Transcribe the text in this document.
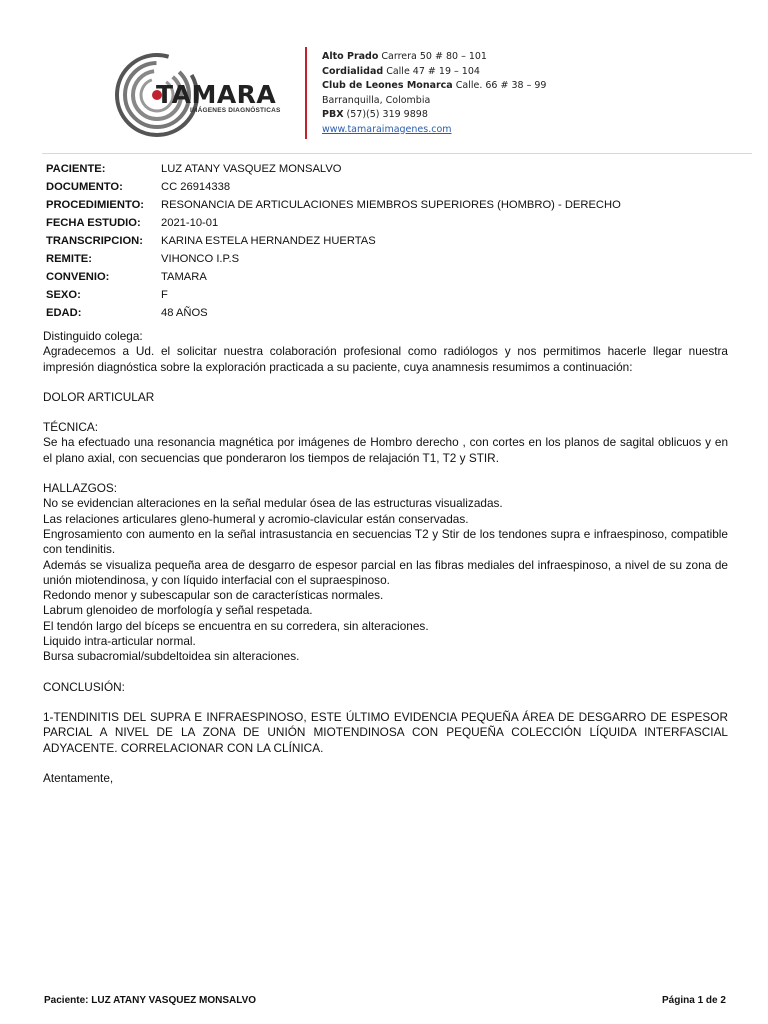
TAMARA
IMÁGENES DIAGNÓSTICAS
Alto Prado Carrera 50 # 80 – 101
Cordialidad Calle 47 # 19 – 104
Club de Leones Monarca Calle. 66 # 38 – 99
Barranquilla, Colombia
PBX (57)(5) 319 9898
www.tamaraimagenes.com
PACIENTE:	LUZ ATANY VASQUEZ MONSALVO
DOCUMENTO:	CC 26914338
PROCEDIMIENTO:	RESONANCIA DE ARTICULACIONES MIEMBROS SUPERIORES (HOMBRO) - DERECHO
FECHA ESTUDIO:	2021-10-01
TRANSCRIPCION:	KARINA ESTELA HERNANDEZ HUERTAS
REMITE:	VIHONCO I.P.S
CONVENIO:	TAMARA
SEXO:	F
EDAD:	48 AÑOS

Distinguido colega:

Agradecemos a Ud. el solicitar nuestra colaboración profesional como radiólogos y nos permitimos hacerle llegar nuestra impresión diagnóstica sobre la exploración practicada a su paciente, cuya anamnesis resumimos a continuación:

DOLOR ARTICULAR

TÉCNICA:

Se ha efectuado una resonancia magnética por imágenes de Hombro derecho , con cortes en los planos de sagital oblicuos y en el plano axial, con secuencias que ponderaron los tiempos de relajación T1, T2 y STIR.

HALLAZGOS:

No se evidencian alteraciones en la señal medular ósea de las estructuras visualizadas.

Las relaciones articulares gleno-humeral y acromio-clavicular están conservadas.

Engrosamiento con aumento en la señal intrasustancia en secuencias T2 y Stir de los tendones supra e infraespinoso, compatible con tendinitis.

Además se visualiza pequeña area de desgarro de espesor parcial en las fibras mediales del infraespinoso, a nivel de su zona de unión miotendinosa, y con líquido interfacial con el supraespinoso.

Redondo menor y subescapular son de características normales.

Labrum glenoideo de morfología y señal respetada.

El tendón largo del bíceps se encuentra en su corredera, sin alteraciones.

Liquido intra-articular normal.

Bursa subacromial/subdeltoidea sin alteraciones.

CONCLUSIÓN:

1-TENDINITIS DEL SUPRA E INFRAESPINOSO, ESTE ÚLTIMO EVIDENCIA PEQUEÑA ÁREA DE DESGARRO DE ESPESOR PARCIAL A NIVEL DE LA ZONA DE UNIÓN MIOTENDINOSA CON PEQUEÑA COLECCIÓN LÍQUIDA INTERFASCIAL ADYACENTE. CORRELACIONAR CON LA CLÍNICA.

Atentamente,

Paciente: LUZ ATANY VASQUEZ MONSALVO	Página 1 de 2
